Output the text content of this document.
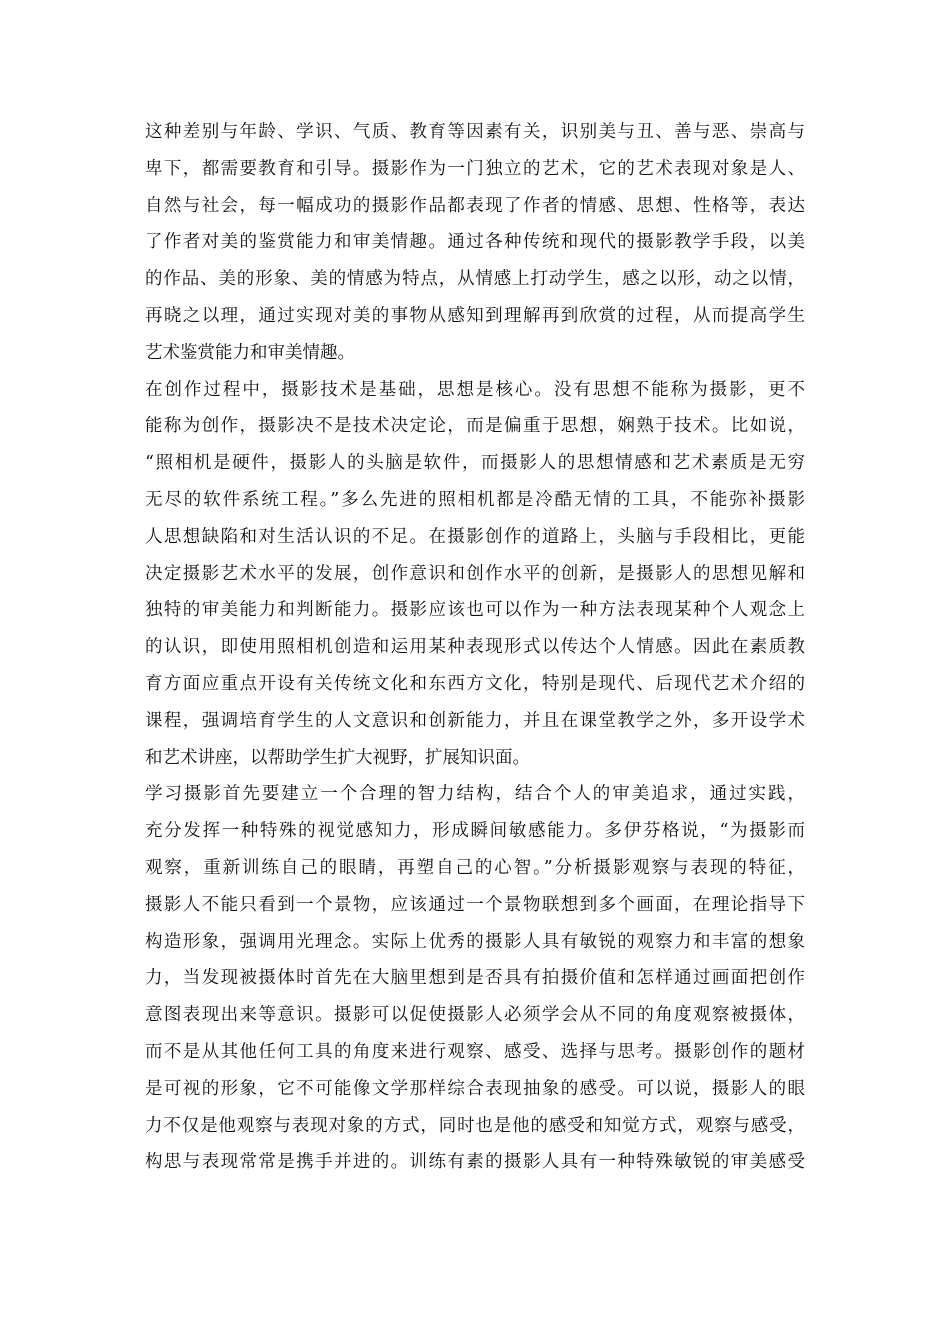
这种差别与年龄、学识、气质、教育等因素有关，识别美与丑、善与恶、崇高与
卑下，都需要教育和引导。摄影作为一门独立的艺术，它的艺术表现对象是人、
自然与社会，每一幅成功的摄影作品都表现了作者的情感、思想、性格等，表达
了作者对美的鉴赏能力和审美情趣。通过各种传统和现代的摄影教学手段，以美
的作品、美的形象、美的情感为特点，从情感上打动学生，感之以形，动之以情，
再晓之以理，通过实现对美的事物从感知到理解再到欣赏的过程，从而提高学生
艺术鉴赏能力和审美情趣。
在创作过程中，摄影技术是基础，思想是核心。没有思想不能称为摄影，更不
能称为创作，摄影决不是技术决定论，而是偏重于思想，娴熟于技术。比如说，
“照相机是硬件，摄影人的头脑是软件，而摄影人的思想情感和艺术素质是无穷
无尽的软件系统工程。”多么先进的照相机都是冷酷无情的工具，不能弥补摄影
人思想缺陷和对生活认识的不足。在摄影创作的道路上，头脑与手段相比，更能
决定摄影艺术水平的发展，创作意识和创作水平的创新，是摄影人的思想见解和
独特的审美能力和判断能力。摄影应该也可以作为一种方法表现某种个人观念上
的认识，即使用照相机创造和运用某种表现形式以传达个人情感。因此在素质教
育方面应重点开设有关传统文化和东西方文化，特别是现代、后现代艺术介绍的
课程，强调培育学生的人文意识和创新能力，并且在课堂教学之外，多开设学术
和艺术讲座，以帮助学生扩大视野，扩展知识面。
学习摄影首先要建立一个合理的智力结构，结合个人的审美追求，通过实践，
充分发挥一种特殊的视觉感知力，形成瞬间敏感能力。多伊芬格说，“为摄影而
观察，重新训练自己的眼睛，再塑自己的心智。”分析摄影观察与表现的特征，
摄影人不能只看到一个景物，应该通过一个景物联想到多个画面，在理论指导下
构造形象，强调用光理念。实际上优秀的摄影人具有敏锐的观察力和丰富的想象
力，当发现被摄体时首先在大脑里想到是否具有拍摄价值和怎样通过画面把创作
意图表现出来等意识。摄影可以促使摄影人必须学会从不同的角度观察被摄体，
而不是从其他任何工具的角度来进行观察、感受、选择与思考。摄影创作的题材
是可视的形象，它不可能像文学那样综合表现抽象的感受。可以说，摄影人的眼
力不仅是他观察与表现对象的方式，同时也是他的感受和知觉方式，观察与感受，
构思与表现常常是携手并进的。训练有素的摄影人具有一种特殊敏锐的审美感受
